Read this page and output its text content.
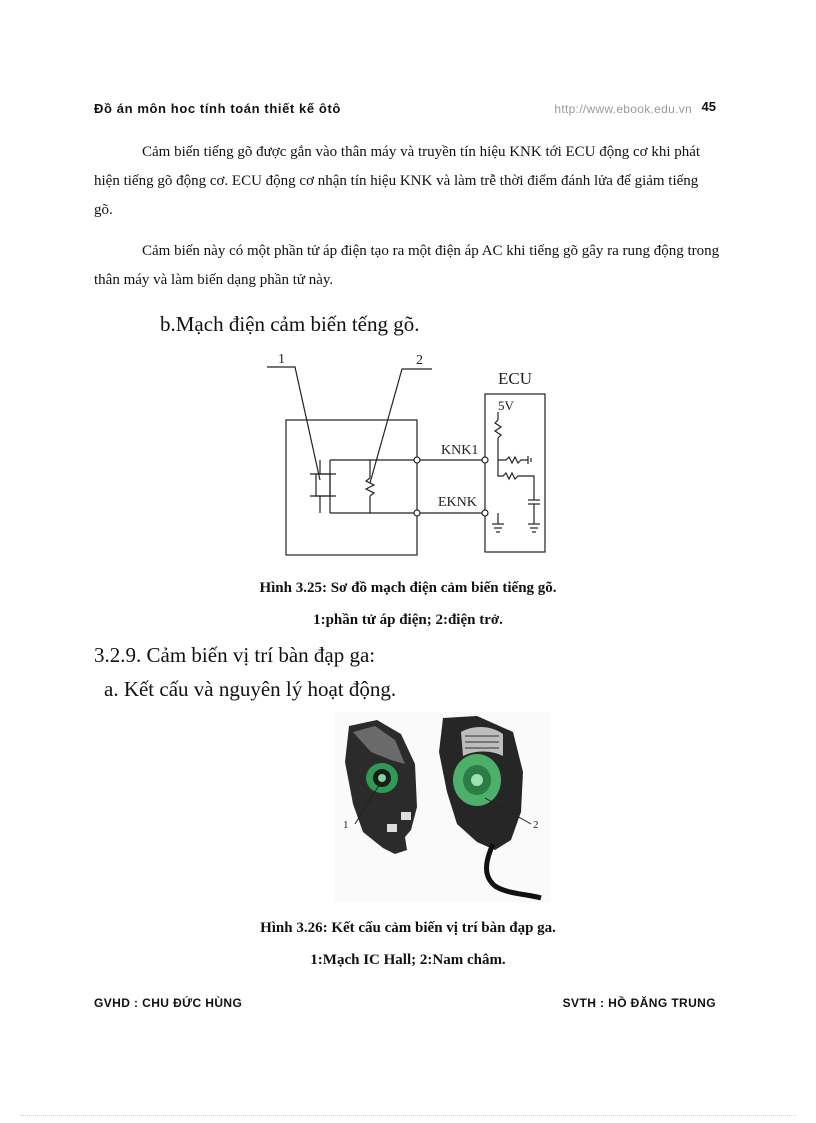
Đồ án môn hoc tính toán thiết kế ôtô	http://www.ebook.edu.vn 45

Cảm biến tiếng gõ được gắn vào thân máy và truyền tín hiệu KNK tới ECU động cơ khi phát hiện tiếng gõ động cơ. ECU động cơ nhận tín hiệu KNK và làm trễ thời điểm đánh lửa để giảm tiếng gõ.

Cảm biến này có một phần tử áp điện tạo ra một điện áp AC khi tiếng gõ gây ra rung động trong thân máy và làm biến dạng phần tử này.

b.Mạch điện cảm biến tếng gõ.
1	2
ECU
5V
KNK1
EKNK
Hình 3.25: Sơ đồ mạch điện cảm biến tiếng gõ.
1:phần tử áp điện; 2:điện trở.
3.2.9. Cảm biến vị trí bàn đạp ga:
a. Kết cấu và nguyên lý hoạt động.
1	2
Hình 3.26: Kết cấu cảm biến vị trí bàn đạp ga.
1:Mạch IC Hall; 2:Nam châm.
GVHD : CHU ĐỨC HÙNG	SVTH : HỒ ĐĂNG TRUNG
